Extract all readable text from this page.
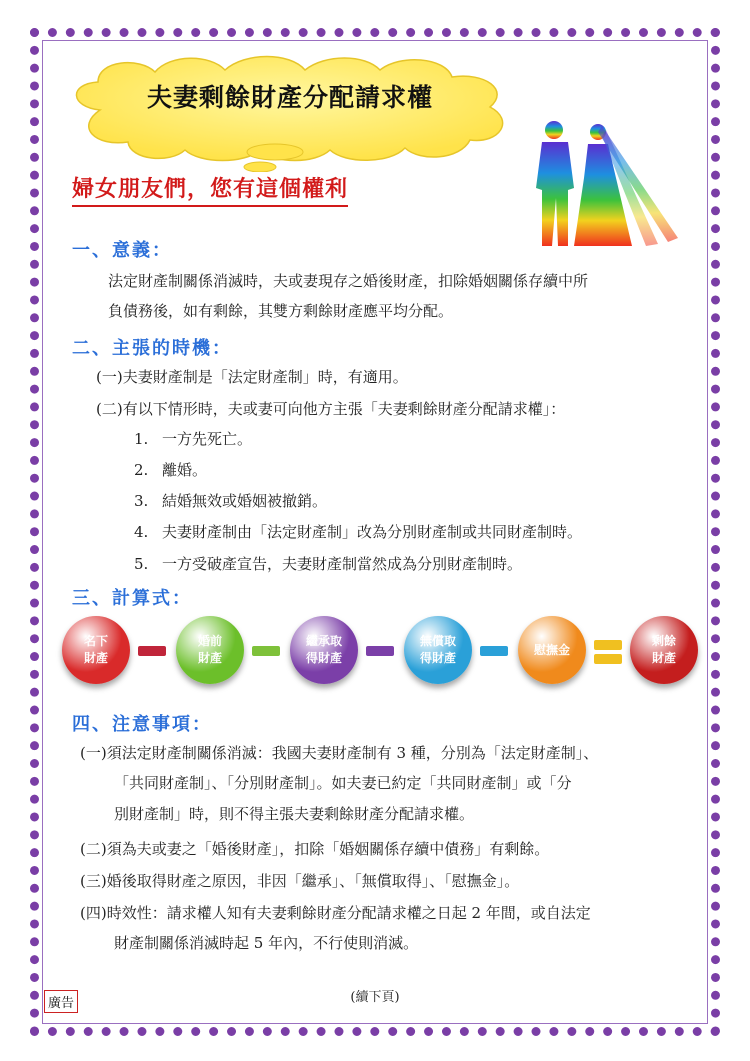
夫妻剩餘財產分配請求權
婦女朋友們，您有這個權利
一、意義：
法定財產制關係消滅時，夫或妻現存之婚後財產，扣除婚姻關係存續中所
負債務後，如有剩餘，其雙方剩餘財產應平均分配。
二、主張的時機：
(一)夫妻財產制是「法定財產制」時，有適用。
(二)有以下情形時，夫或妻可向他方主張「夫妻剩餘財產分配請求權」：
1. 一方先死亡。
2. 離婚。
3. 結婚無效或婚姻被撤銷。
4. 夫妻財產制由「法定財產制」改為分別財產制或共同財產制時。
5. 一方受破產宣告，夫妻財產制當然成為分別財產制時。
三、計算式：
名下
財產
婚前
財產
繼承取
得財產
無償取
得財產
慰撫金
剩餘
財產
四、注意事項：
(一)須法定財產制關係消滅：我國夫妻財產制有 3 種，分別為「法定財產制」、
「共同財產制」、「分別財產制」。如夫妻已約定「共同財產制」或「分
別財產制」時，則不得主張夫妻剩餘財產分配請求權。
(二)須為夫或妻之「婚後財產」，扣除「婚姻關係存續中債務」有剩餘。
(三)婚後取得財產之原因，非因「繼承」、「無償取得」、「慰撫金」。
(四)時效性：請求權人知有夫妻剩餘財產分配請求權之日起 2 年間，或自法定
財產制關係消滅時起 5 年內，不行使則消滅。
(續下頁)
廣告
